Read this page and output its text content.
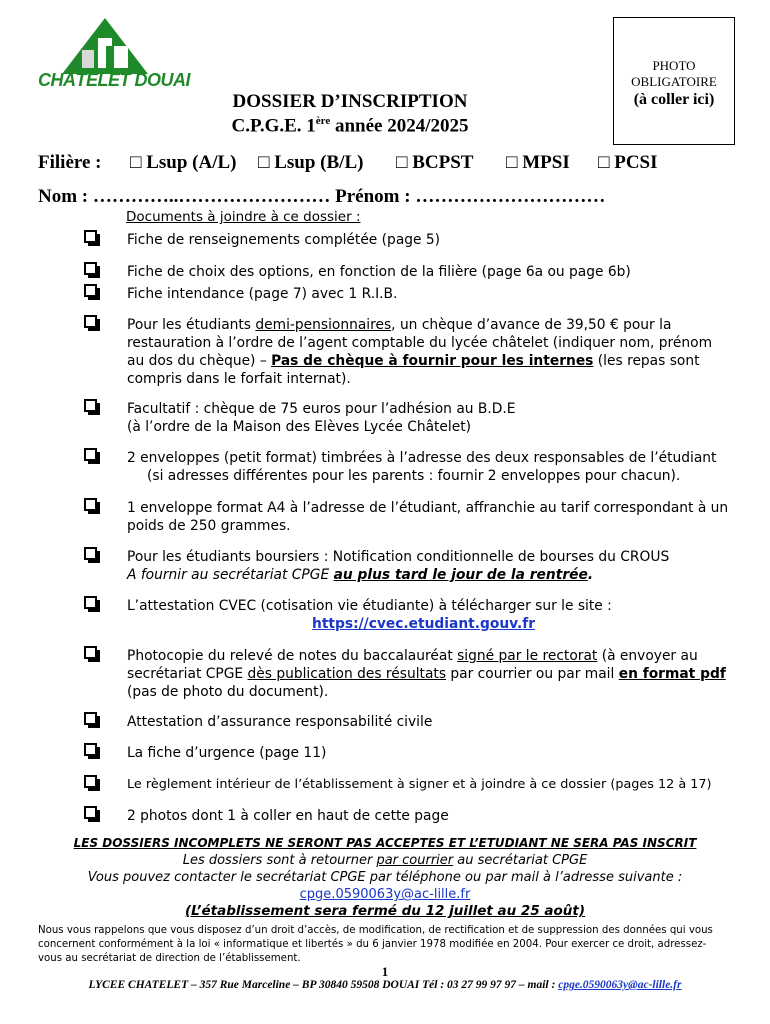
CHÂTELET DOUAI
PHOTO
OBLIGATOIRE
(à coller ici)
DOSSIER D’INSCRIPTION
C.P.G.E. 1ère année 2024/2025
Filière : □ Lsup (A/L) □ Lsup (B/L) □ BCPST □ MPSI □ PCSI
Nom : …………..…………………… Prénom : …………………………
Documents à joindre à ce dossier :
Fiche de renseignements complétée (page 5)
Fiche de choix des options, en fonction de la filière (page 6a ou page 6b)
Fiche intendance (page 7) avec 1 R.I.B.
Pour les étudiants demi-pensionnaires, un chèque d’avance de 39,50 € pour la
restauration à l’ordre de l’agent comptable du lycée châtelet (indiquer nom, prénom
au dos du chèque) – Pas de chèque à fournir pour les internes (les repas sont
compris dans le forfait internat).
Facultatif : chèque de 75 euros pour l’adhésion au B.D.E
(à l’ordre de la Maison des Elèves Lycée Châtelet)
2 enveloppes (petit format) timbrées à l’adresse des deux responsables de l’étudiant
(si adresses différentes pour les parents : fournir 2 enveloppes pour chacun).
1 enveloppe format A4 à l’adresse de l’étudiant, affranchie au tarif correspondant à un
poids de 250 grammes.
Pour les étudiants boursiers : Notification conditionnelle de bourses du CROUS
A fournir au secrétariat CPGE au plus tard le jour de la rentrée.
L’attestation CVEC (cotisation vie étudiante) à télécharger sur le site :
https://cvec.etudiant.gouv.fr
Photocopie du relevé de notes du baccalauréat signé par le rectorat (à envoyer au
secrétariat CPGE dès publication des résultats par courrier ou par mail en format pdf
(pas de photo du document).
Attestation d’assurance responsabilité civile
La fiche d’urgence (page 11)
Le règlement intérieur de l’établissement à signer et à joindre à ce dossier (pages 12 à 17)
2 photos dont 1 à coller en haut de cette page
LES DOSSIERS INCOMPLETS NE SERONT PAS ACCEPTES ET L’ETUDIANT NE SERA PAS INSCRIT
Les dossiers sont à retourner par courrier au secrétariat CPGE
Vous pouvez contacter le secrétariat CPGE par téléphone ou par mail à l’adresse suivante :
cpge.0590063y@ac-lille.fr
(L’établissement sera fermé du 12 juillet au 25 août)
Nous vous rappelons que vous disposez d’un droit d’accès, de modification, de rectification et de suppression des données qui vous concernent conformément à la loi « informatique et libertés » du 6 janvier 1978 modifiée en 2004. Pour exercer ce droit, adressez-vous au secrétariat de direction de l’établissement.
1
LYCEE CHATELET – 357 Rue Marceline – BP 30840 59508 DOUAI Tél : 03 27 99 97 97 – mail : cpge.0590063y@ac-lille.fr
